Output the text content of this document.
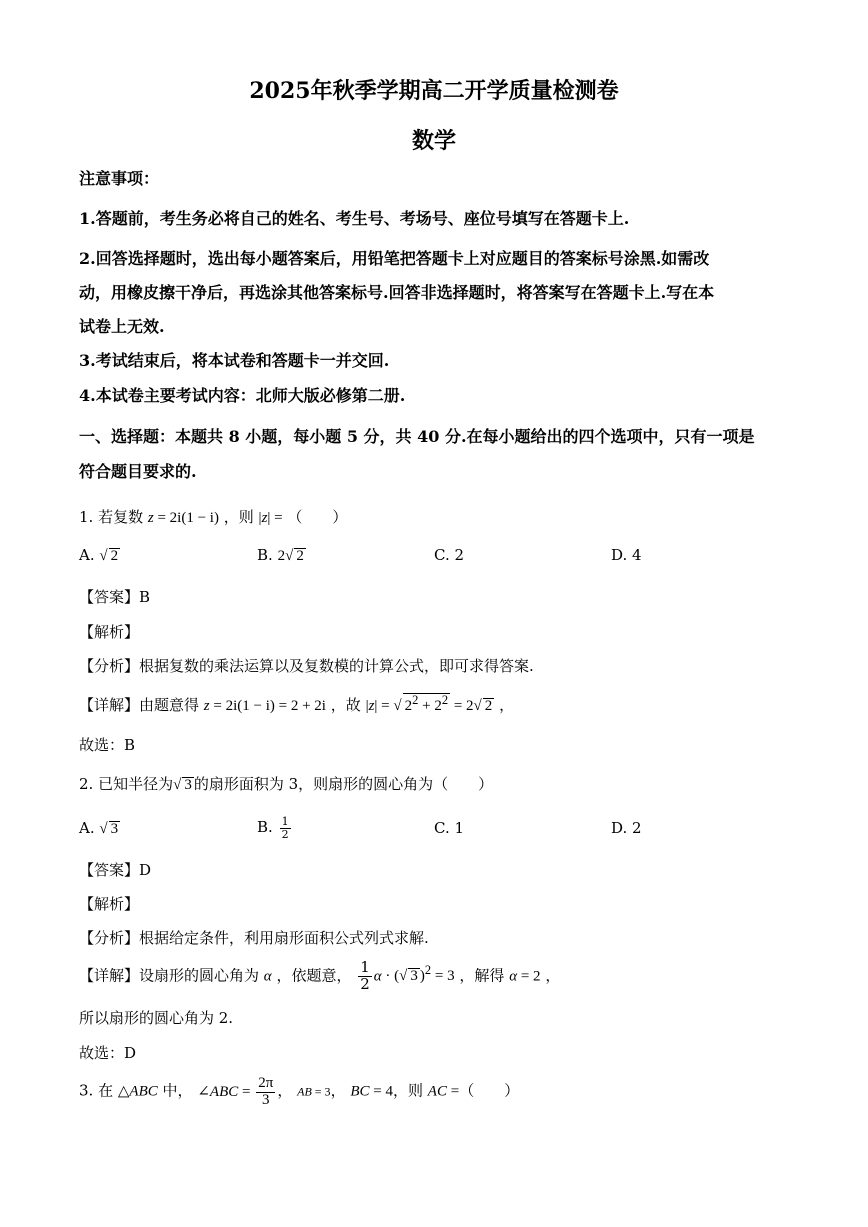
2025年秋季学期高二开学质量检测卷
数学
注意事项：
1.答题前，考生务必将自己的姓名、考生号、考场号、座位号填写在答题卡上.
2.回答选择题时，选出每小题答案后，用铅笔把答题卡上对应题目的答案标号涂黑.如需改
动，用橡皮擦干净后，再选涂其他答案标号.回答非选择题时，将答案写在答题卡上.写在本
试卷上无效.
3.考试结束后，将本试卷和答题卡一并交回.
4.本试卷主要考试内容：北师大版必修第二册.
一、选择题：本题共 8 小题，每小题 5 分，共 40 分.在每小题给出的四个选项中，只有一项是
符合题目要求的.
1. 若复数 z = 2i(1 − i) ，则 |z| = （　　）
A. √ 2	B. 2√ 2	C. 2	D. 4
【答案】B
【解析】
【分析】根据复数的乘法运算以及复数模的计算公式，即可求得答案.
【详解】由题意得 z = 2i(1 − i) = 2 + 2i ，故 |z| = √ $2^2 + 2^2 = 2√$ 2 ，
故选：B
2. 已知半径为√ 3 的扇形面积为 3，则扇形的圆心角为（　　）
A. √ 3	B. $\frac{1}{2}$	C. 1	D. 2
【答案】D
【解析】
【分析】根据给定条件，利用扇形面积公式列式求解.
【详解】设扇形的圆心角为 α ，依题意， $\frac{1}{2}$ α · (√ 3 )$^2$ = 3 ，解得 α = 2 ，
所以扇形的圆心角为 2.
故选：D
3. 在 △ABC 中， ∠ABC = $\frac{2\pi}{3}$ ， AB = 3， BC = 4，则 AC =（　　）
